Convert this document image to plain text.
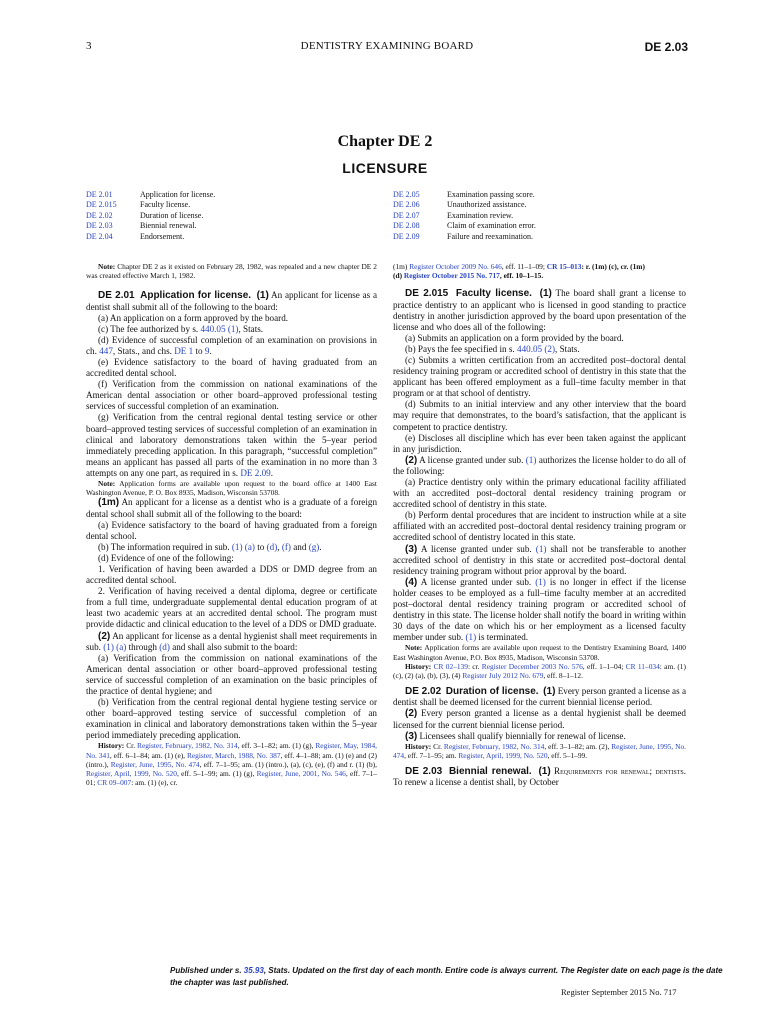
3	DENTISTRY EXAMINING BOARD	DE 2.03
Chapter DE 2
LICENSURE
DE 2.01	Application for license.
DE 2.015	Faculty license.
DE 2.02	Duration of license.
DE 2.03	Biennial renewal.
DE 2.04	Endorsement.
DE 2.05	Examination passing score.
DE 2.06	Unauthorized assistance.
DE 2.07	Examination review.
DE 2.08	Claim of examination error.
DE 2.09	Failure and reexamination.

Note: Chapter DE 2 as it existed on February 28, 1982, was repealed and a new chapter DE 2 was created effective March 1, 1982.

DE 2.01 Application for license. (1) An applicant for license as a dentist shall submit all of the following to the board:

(a) An application on a form approved by the board.

(c) The fee authorized by s. 440.05 (1), Stats.

(d) Evidence of successful completion of an examination on provisions in ch. 447, Stats., and chs. DE 1 to 9.

(e) Evidence satisfactory to the board of having graduated from an accredited dental school.

(f) Verification from the commission on national examinations of the American dental association or other board–approved professional testing services of successful completion of an examination.

(g) Verification from the central regional dental testing service or other board–approved testing services of successful completion of an examination in clinical and laboratory demonstrations taken within the 5–year period immediately preceding application. In this paragraph, “successful completion” means an applicant has passed all parts of the examination in no more than 3 attempts on any one part, as required in s. DE 2.09.

Note: Application forms are available upon request to the board office at 1400 East Washington Avenue, P. O. Box 8935, Madison, Wisconsin 53708.

(1m) An applicant for a license as a dentist who is a graduate of a foreign dental school shall submit all of the following to the board:

(a) Evidence satisfactory to the board of having graduated from a foreign dental school.

(b) The information required in sub. (1) (a) to (d), (f) and (g).

(d) Evidence of one of the following:

1. Verification of having been awarded a DDS or DMD degree from an accredited dental school.

2. Verification of having received a dental diploma, degree or certificate from a full time, undergraduate supplemental dental education program of at least two academic years at an accredited dental school. The program must provide didactic and clinical education to the level of a DDS or DMD graduate.

(2) An applicant for license as a dental hygienist shall meet requirements in sub. (1) (a) through (d) and shall also submit to the board:

(a) Verification from the commission on national examinations of the American dental association or other board–approved professional testing service of successful completion of an examination on the basic principles of the practice of dental hygiene; and

(b) Verification from the central regional dental hygiene testing service or other board–approved testing service of successful completion of an examination in clinical and laboratory demonstrations taken within the 5–year period immediately preceding application.

History: Cr. Register, February, 1982, No. 314, eff. 3–1–82; am. (1) (g), Register, May, 1984, No. 341, eff. 6–1–84; am. (1) (e), Register, March, 1988, No. 387, eff. 4–1–88; am. (1) (e) and (2) (intro.), Register, June, 1995, No. 474, eff. 7–1–95; am. (1) (intro.), (a), (c), (e), (f) and r. (1) (b), Register, April, 1999, No. 520, eff. 5–1–99; am. (1) (g), Register, June, 2001, No. 546, eff. 7–1–01; CR 09–007: am. (1) (e), cr.

(1m) Register October 2009 No. 646, eff. 11–1–09; CR 15–013: r. (1m) (c), cr. (1m)
(d) Register October 2015 No. 717, eff. 10–1–15.

DE 2.015 Faculty license. (1) The board shall grant a license to practice dentistry to an applicant who is licensed in good standing to practice dentistry in another jurisdiction approved by the board upon presentation of the license and who does all of the following:

(a) Submits an application on a form provided by the board.

(b) Pays the fee specified in s. 440.05 (2), Stats.

(c) Submits a written certification from an accredited post–doctoral dental residency training program or accredited school of dentistry in this state that the applicant has been offered employment as a full–time faculty member in that program or at that school of dentistry.

(d) Submits to an initial interview and any other interview that the board may require that demonstrates, to the board’s satisfaction, that the applicant is competent to practice dentistry.

(e) Discloses all discipline which has ever been taken against the applicant in any jurisdiction.

(2) A license granted under sub. (1) authorizes the license holder to do all of the following:

(a) Practice dentistry only within the primary educational facility affiliated with an accredited post–doctoral dental residency training program or accredited school of dentistry in this state.

(b) Perform dental procedures that are incident to instruction while at a site affiliated with an accredited post–doctoral dental residency training program or accredited school of dentistry located in this state.

(3) A license granted under sub. (1) shall not be transferable to another accredited school of dentistry in this state or accredited post–doctoral dental residency training program without prior approval by the board.

(4) A license granted under sub. (1) is no longer in effect if the license holder ceases to be employed as a full–time faculty member at an accredited post–doctoral dental residency training program or accredited school of dentistry in this state. The license holder shall notify the board in writing within 30 days of the date on which his or her employment as a licensed faculty member under sub. (1) is terminated.

Note: Application forms are available upon request to the Dentistry Examining Board, 1400 East Washington Avenue, P.O. Box 8935, Madison, Wisconsin 53708.

History: CR 02–139: cr. Register December 2003 No. 576, eff. 1–1–04; CR 11–034: am. (1) (c), (2) (a), (b), (3), (4) Register July 2012 No. 679, eff. 8–1–12.

DE 2.02 Duration of license. (1) Every person granted a license as a dentist shall be deemed licensed for the current biennial license period.

(2) Every person granted a license as a dental hygienist shall be deemed licensed for the current biennial license period.

(3) Licensees shall qualify biennially for renewal of license.

History: Cr. Register, February, 1982, No. 314, eff. 3–1–82; am. (2), Register, June, 1995, No. 474, eff. 7–1–95; am. Register, April, 1999, No. 520, eff. 5–1–99.

DE 2.03 Biennial renewal. (1) Requirements for renewal; dentists. To renew a license a dentist shall, by October

Published under s. 35.93, Stats. Updated on the first day of each month. Entire code is always current. The Register date on each page is the date the chapter was last published.
Register September 2015 No. 717
